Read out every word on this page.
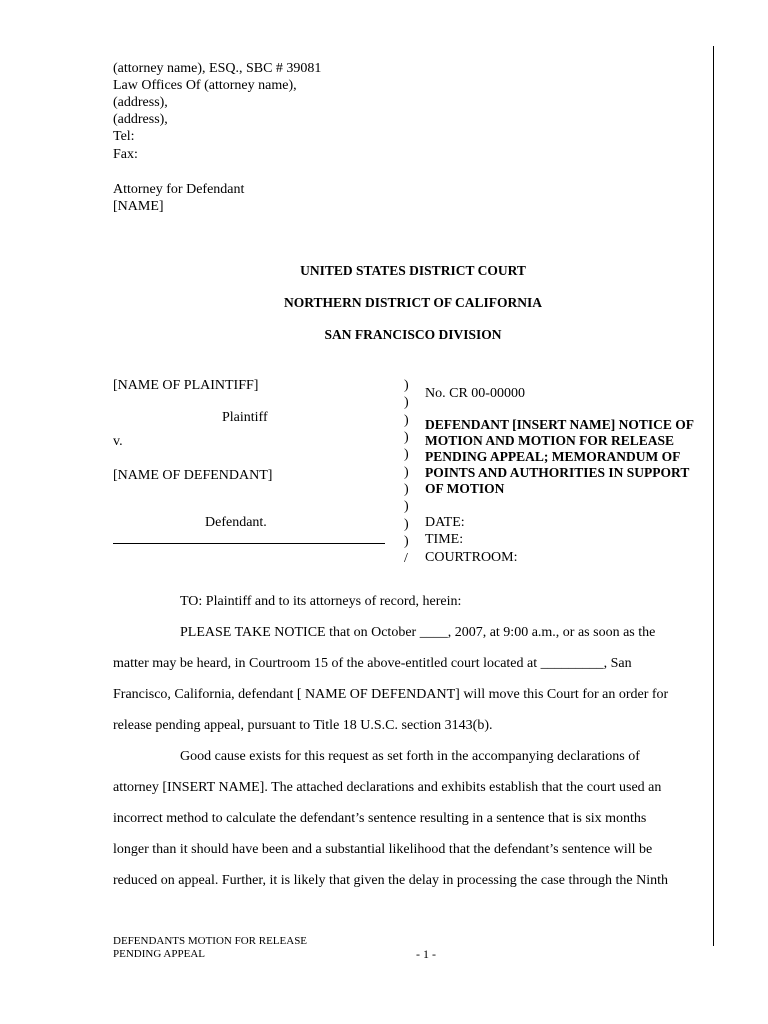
(attorney name), ESQ., SBC # 39081
Law Offices Of (attorney name),
(address),
(address),
Tel:
Fax:
Attorney for Defendant
[NAME]
UNITED STATES DISTRICT COURT
NORTHERN DISTRICT OF CALIFORNIA
SAN FRANCISCO DIVISION
[NAME OF PLAINTIFF]
Plaintiff
v.
[NAME OF DEFENDANT]
Defendant.
)
)
)
)
)
)
)
)
)
)
/
No. CR 00-00000
DEFENDANT [INSERT NAME] NOTICE OF MOTION AND MOTION FOR RELEASE PENDING APPEAL; MEMORANDUM OF POINTS AND AUTHORITIES IN SUPPORT OF MOTION
DATE:
TIME:
COURTROOM:
TO: Plaintiff and to its attorneys of record, herein:
PLEASE TAKE NOTICE that on October ____, 2007, at 9:00 a.m., or as soon as the
matter may be heard, in Courtroom 15 of the above-entitled court located at _________, San
Francisco, California, defendant [ NAME OF DEFENDANT] will move this Court for an order for
release pending appeal, pursuant to Title 18 U.S.C. section 3143(b).
Good cause exists for this request as set forth in the accompanying declarations of
attorney [INSERT NAME]. The attached declarations and exhibits establish that the court used an
incorrect method to calculate the defendant’s sentence resulting in a sentence that is six months
longer than it should have been and a substantial likelihood that the defendant’s sentence will be
reduced on appeal. Further, it is likely that given the delay in processing the case through the Ninth
DEFENDANTS MOTION FOR RELEASE
PENDING APPEAL	- 1 -
